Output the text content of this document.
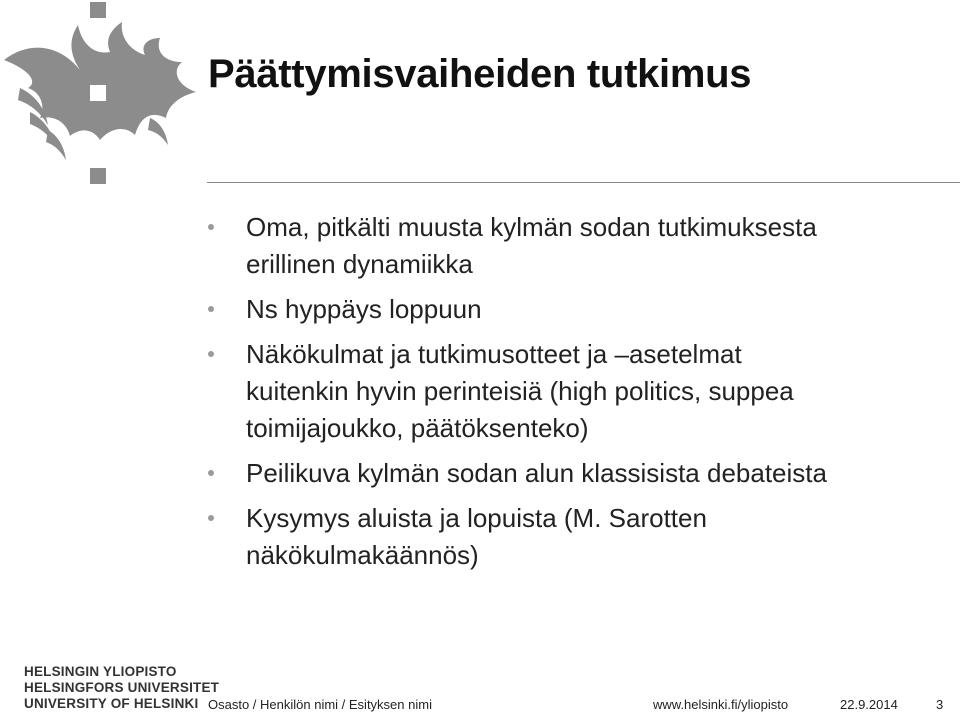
Päättymisvaiheiden tutkimus
Oma, pitkälti muusta kylmän sodan tutkimuksesta
erillinen dynamiikka
Ns hyppäys loppuun
Näkökulmat ja tutkimusotteet ja –asetelmat
kuitenkin hyvin perinteisiä (high politics, suppea
toimijajoukko, päätöksenteko)
Peilikuva kylmän sodan alun klassisista debateista
Kysymys aluista ja lopuista (M. Sarotten
näkökulmakäännös)
HELSINGIN YLIOPISTO
HELSINGFORS UNIVERSITET
UNIVERSITY OF HELSINKI Osasto / Henkilön nimi / Esityksen nimi	www.helsinki.fi/yliopisto	22.9.2014	3
